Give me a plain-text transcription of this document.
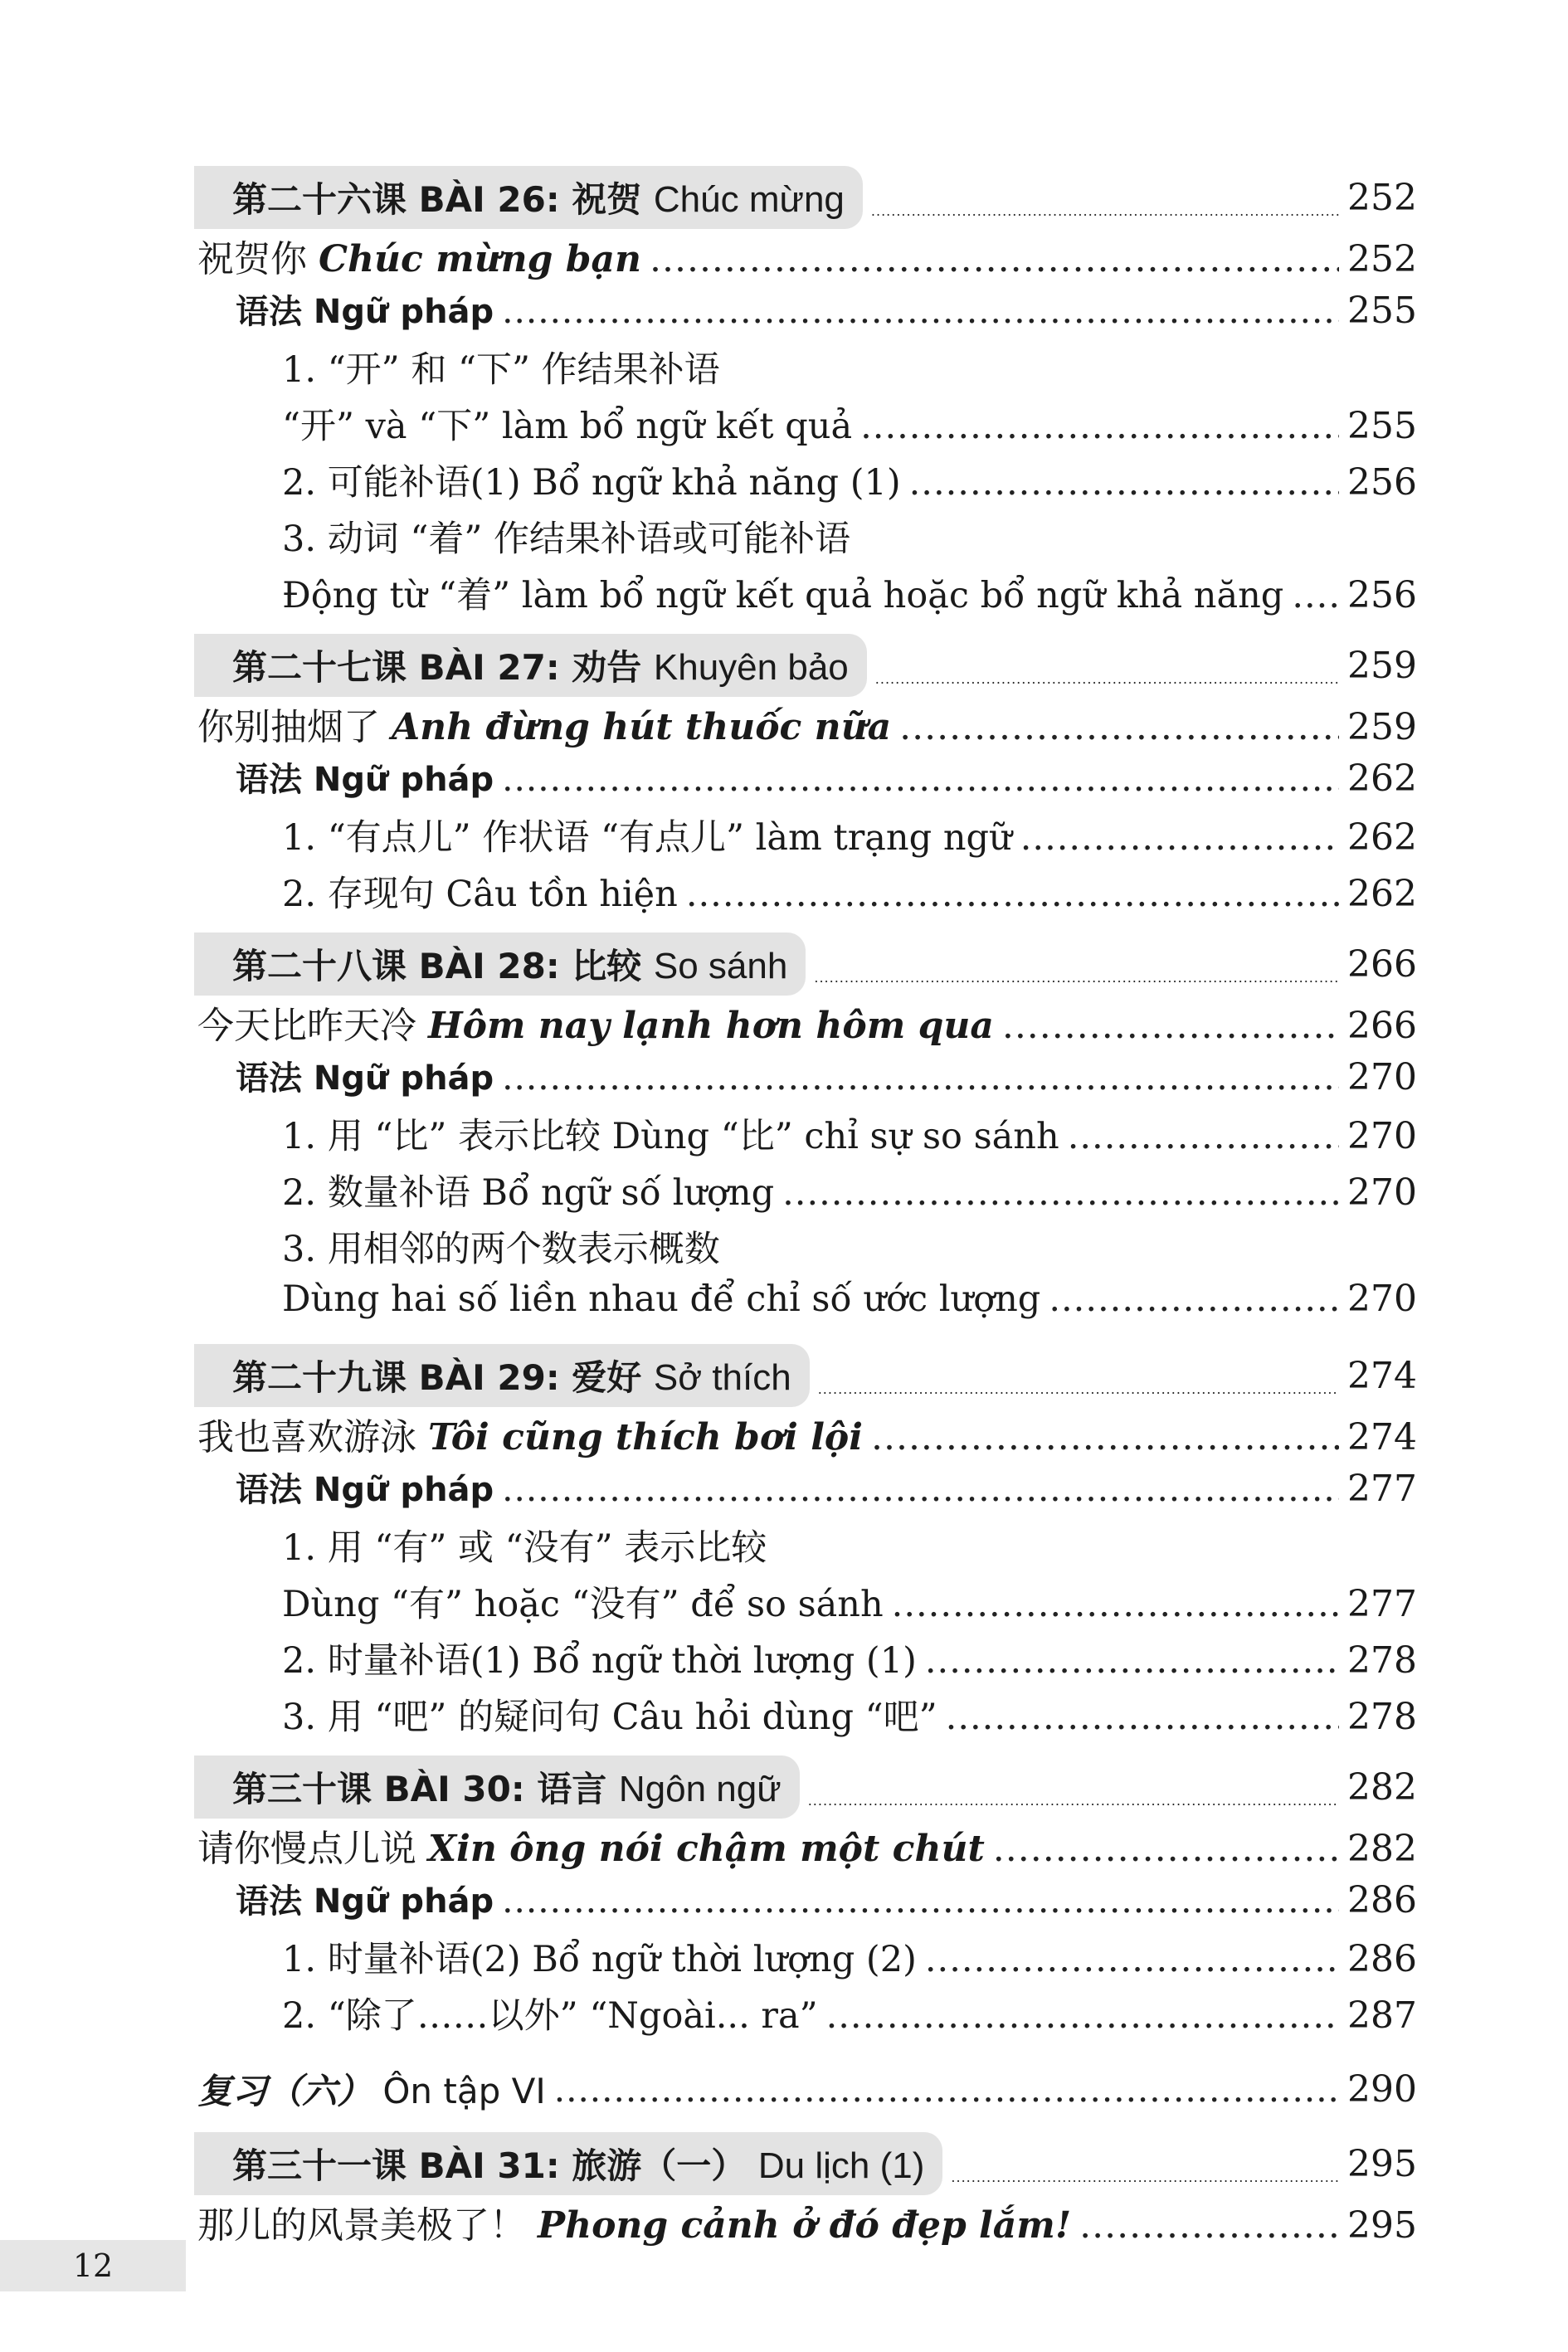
第二十六课 BÀI 26: 祝贺 Chúc mừng .....	252
祝贺你 Chúc mừng bạn .....	252
语法 Ngữ pháp .....	255
1. “开” 和 “下” 作结果补语
“开” và “下” làm bổ ngữ kết quả .....	255
2. 可能补语(1) Bổ ngữ khả năng (1) .....	256
3. 动词 “着” 作结果补语或可能补语
Động từ “着” làm bổ ngữ kết quả hoặc bổ ngữ khả năng ..... 256
第二十七课 BÀI 27: 劝告 Khuyên bảo .....	259
你别抽烟了 Anh đừng hút thuốc nữa .....	259
语法 Ngữ pháp .....	262
1. “有点儿” 作状语 “有点儿” làm trạng ngữ .....	262
2. 存现句 Câu tồn hiện .....	262
第二十八课 BÀI 28: 比较 So sánh .....	266
今天比昨天冷 Hôm nay lạnh hơn hôm qua .....	266
语法 Ngữ pháp .....	270
1. 用 “比” 表示比较 Dùng “比” chỉ sự so sánh .....	270
2. 数量补语 Bổ ngữ số lượng .....	270
3. 用相邻的两个数表示概数
Dùng hai số liền nhau để chỉ số ước lượng .....	270
第二十九课 BÀI 29: 爱好 Sở thích .....	274
我也喜欢游泳 Tôi cũng thích bơi lội .....	274
语法 Ngữ pháp .....	277
1. 用 “有” 或 “没有” 表示比较
Dùng “有” hoặc “没有” để so sánh .....	277
2. 时量补语(1) Bổ ngữ thời lượng (1) .....	278
3. 用 “吧” 的疑问句 Câu hỏi dùng “吧” .....	278
第三十课 BÀI 30: 语言 Ngôn ngữ .....	282
请你慢点儿说 Xin ông nói chậm một chút .....	282
语法 Ngữ pháp .....	286
1. 时量补语(2) Bổ ngữ thời lượng (2) .....	286
2. “除了……以外” “Ngoài... ra” .....	287
复习（六） Ôn tập VI .....	290
第三十一课 BÀI 31: 旅游（一） Du lịch (1) .....	295
那儿的风景美极了！ Phong cảnh ở đó đẹp lắm! .....	295
12
